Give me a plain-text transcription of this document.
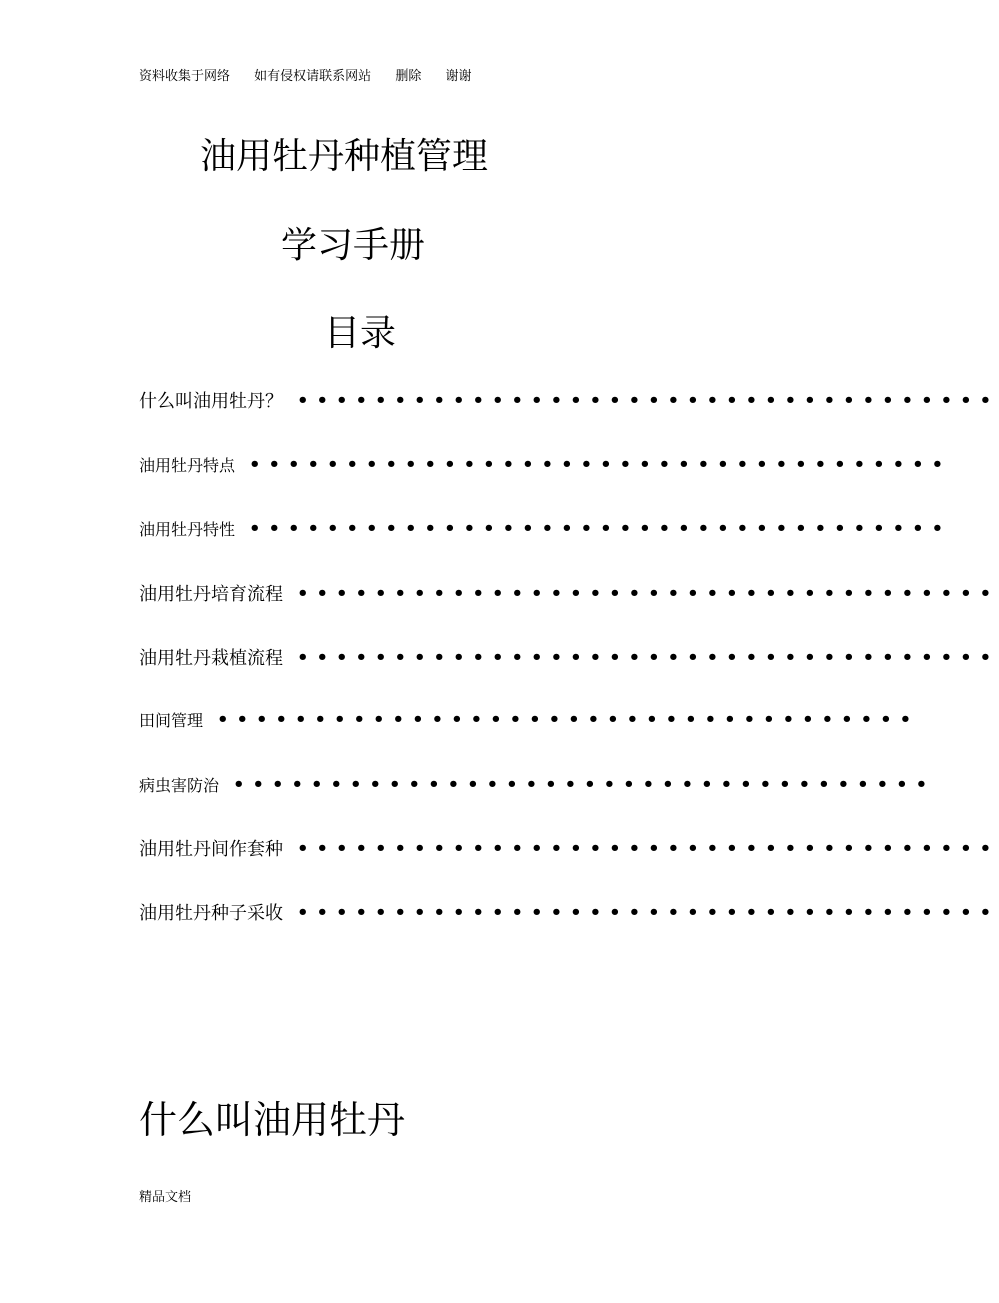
资料收集于网络 如有侵权请联系网站 删除 谢谢
油用牡丹种植管理
学习手册
目录
什么叫油用牡丹？ ••••••••••••••••••••••••••••••••••••
油用牡丹特点 ••••••••••••••••••••••••••••••••••••
油用牡丹特性 ••••••••••••••••••••••••••••••••••••
油用牡丹培育流程 ••••••••••••••••••••••••••••••••••••
油用牡丹栽植流程 ••••••••••••••••••••••••••••••••••••
田间管理 ••••••••••••••••••••••••••••••••••••
病虫害防治 ••••••••••••••••••••••••••••••••••••
油用牡丹间作套种 ••••••••••••••••••••••••••••••••••••
油用牡丹种子采收 ••••••••••••••••••••••••••••••••••••
什么叫油用牡丹
精品文档
